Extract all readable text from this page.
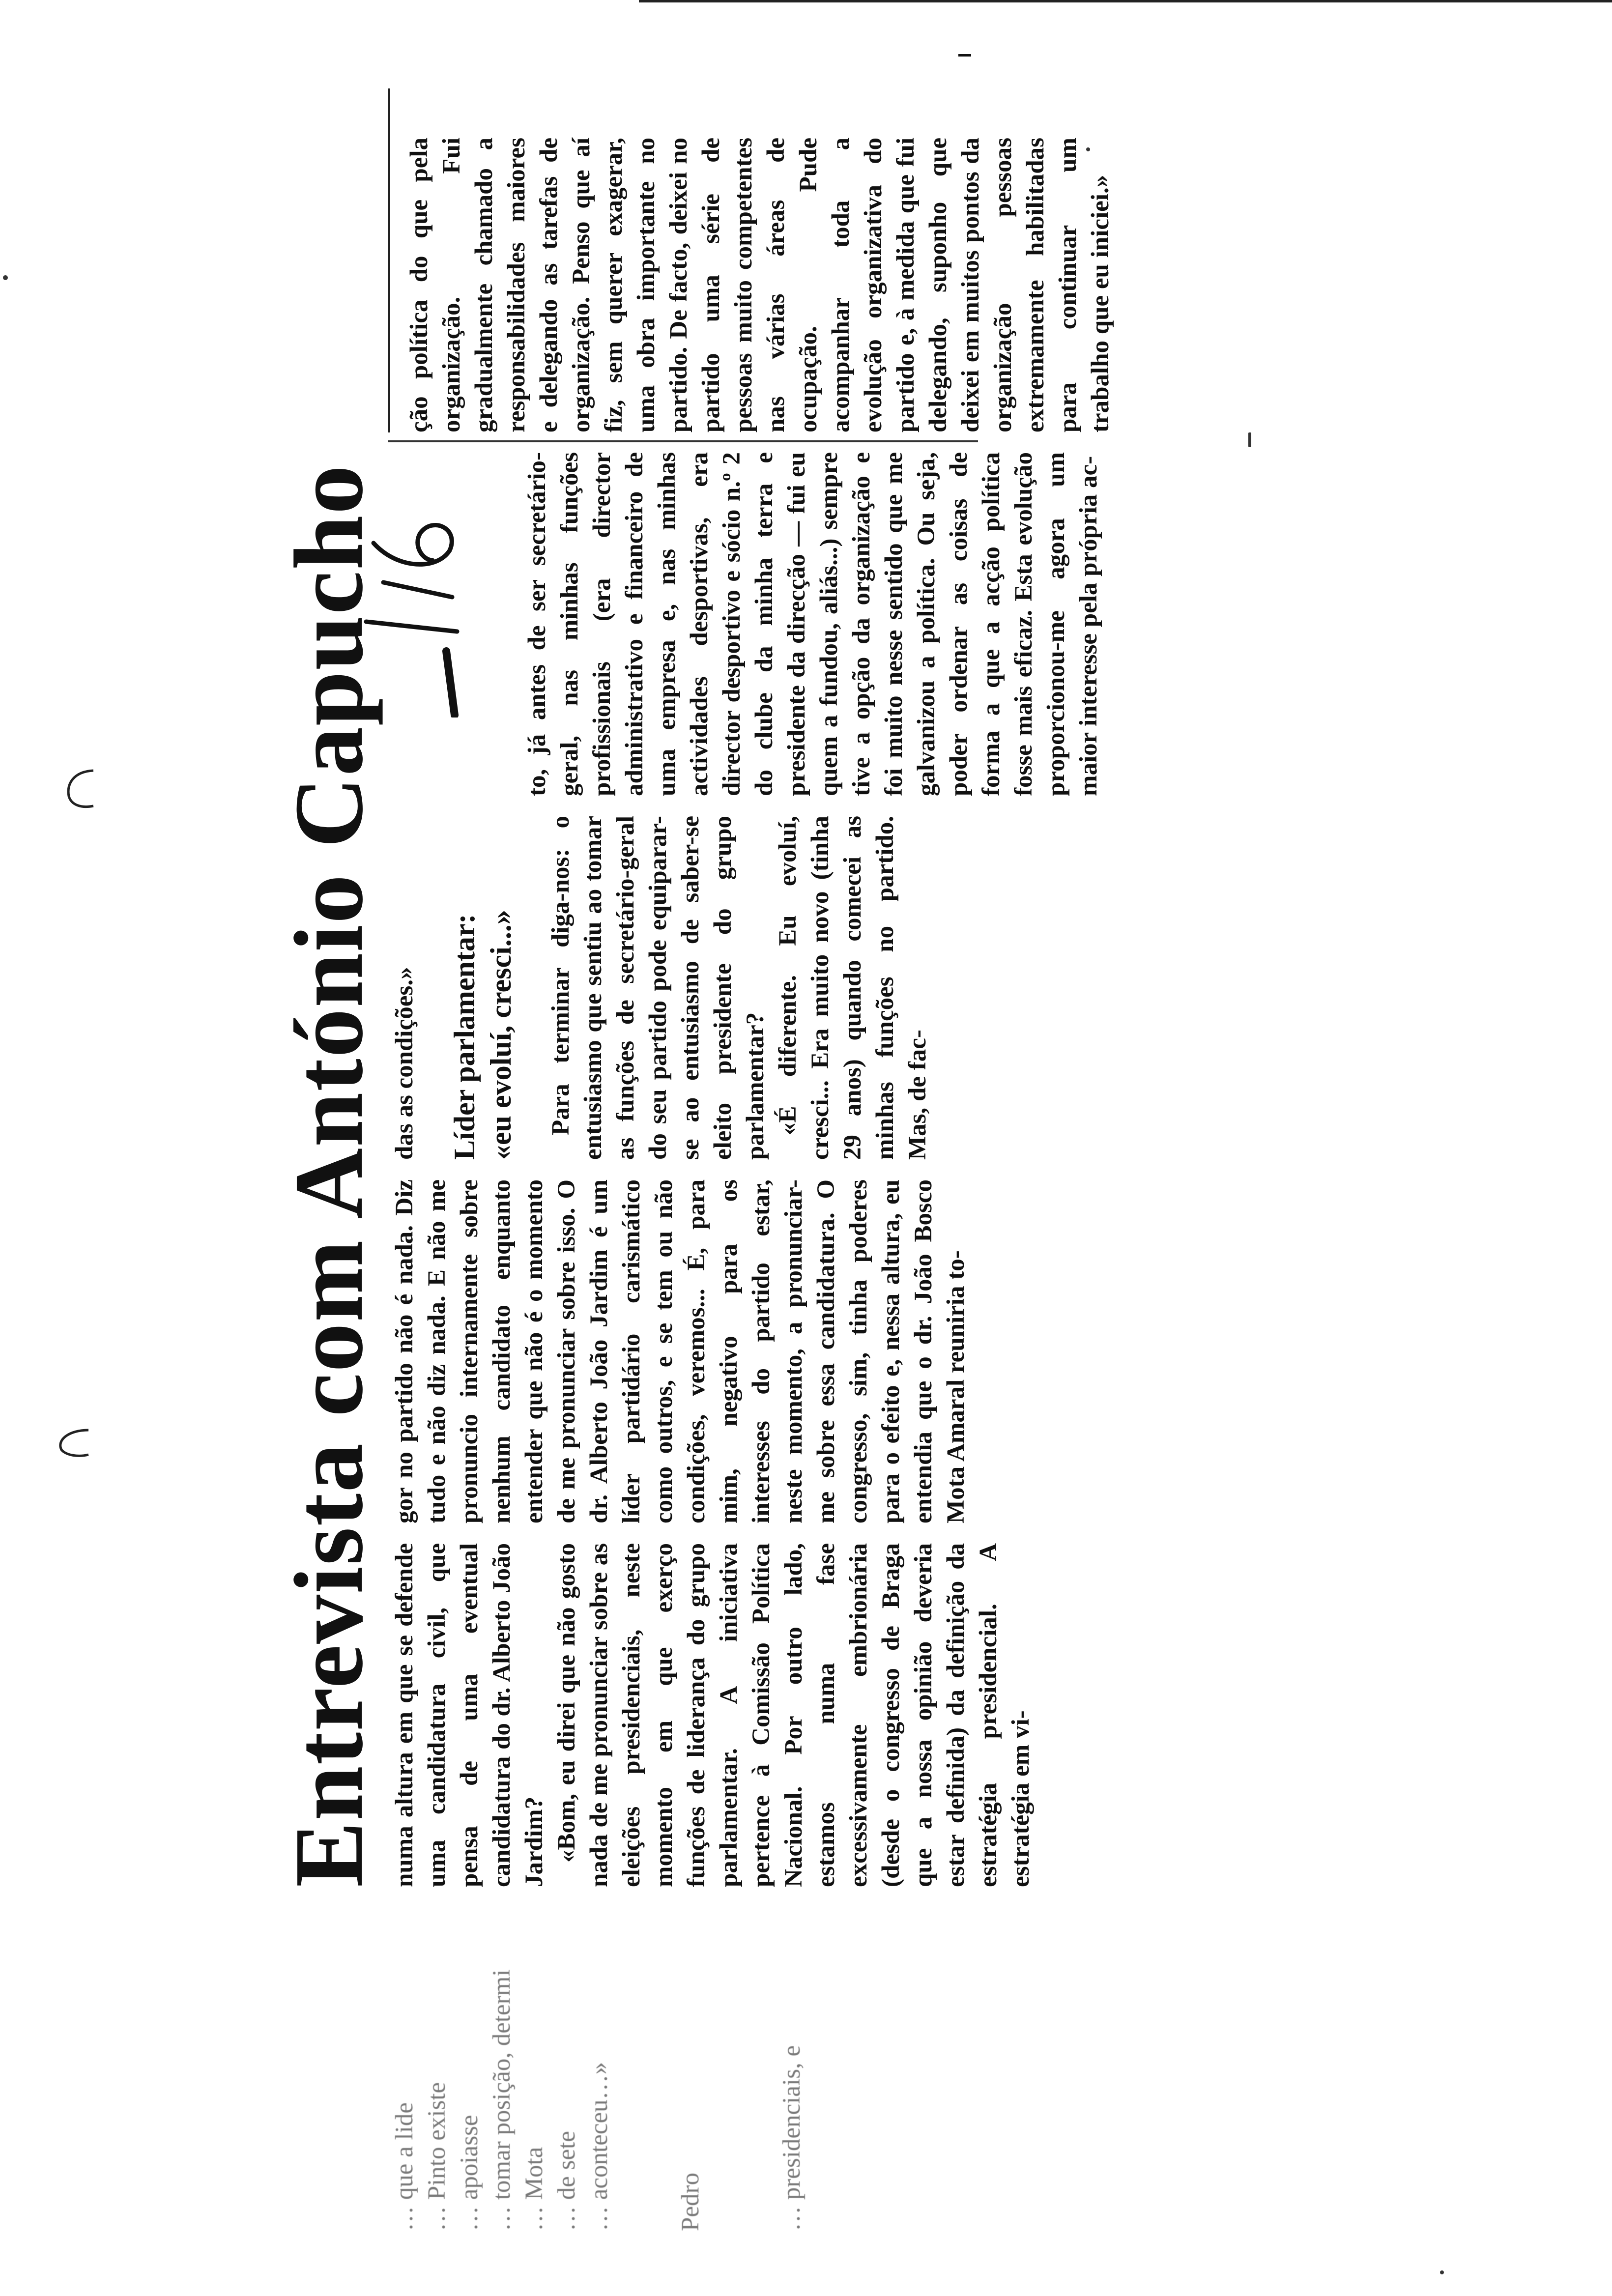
Entrevista com António Capucho

… que a lide … Pinto existe … apoiasse … tomar posição, determi … Mota … de sete … aconteceu…»	Pedro	… presidenciais, e

numa altura em que se defende uma candidatura civil, que pensa de uma eventual candidatura do dr. Alberto João Jardim? «Bom, eu direi que não gosto nada de me pronunciar sobre as eleições presidenciais, neste momento em que exerço funções de liderança do grupo parlamentar. A iniciativa pertence à Comissão Política Nacional. Por outro lado, estamos numa fase excessivamente embrionária (desde o congresso de Braga que a nossa opinião deveria estar definida) da definição da estratégia presidencial. A estratégia em vi-

gor no partido não é nada. Diz tudo e não diz nada. E não me pronuncio internamente sobre nenhum candidato enquanto entender que não é o momento de me pronunciar sobre isso. O dr. Alberto João Jardim é um líder partidário carismático como outros, e se tem ou não condições, veremos... É, para mim, negativo para os interesses do partido estar, neste momento, a pronunciar-me sobre essa candidatura. O congresso, sim, tinha poderes para o efeito e, nessa altura, eu entendia que o dr. João Bosco Mota Amaral reuniria to-

das as condições.» Líder parlamentar: «eu evoluí, cresci...» Para terminar diga-nos: o entusiasmo que sentiu ao tomar as funções de secretário-geral do seu partido pode equiparar-se ao entusiasmo de saber-se eleito presidente do grupo parlamentar? «É diferente. Eu evoluí, cresci... Era muito novo (tinha 29 anos) quando comecei as minhas funções no partido. Mas, de fac-

to, já antes de ser secretário-geral, nas minhas funções profissionais (era director administrativo e financeiro de uma empresa e, nas minhas actividades desportivas, era director desportivo e sócio n.º 2 do clube da minha terra e presidente da direcção — fui eu quem a fundou, aliás...) sempre tive a opção da organização e foi muito nesse sentido que me galvanizou a política. Ou seja, poder ordenar as coisas de forma a que a acção política fosse mais eficaz. Esta evolução proporcionou-me agora um maior interesse pela própria ac-

ção política do que pela organização. Fui gradualmente chamado a responsabilidades maiores e delegando as tarefas de organização. Penso que aí fiz, sem querer exagerar, uma obra importante no partido. De facto, deixei no partido uma série de pessoas muito competentes nas várias áreas de ocupação. Pude acompanhar toda a evolução organizativa do partido e, à medida que fui delegando, suponho que deixei em muitos pontos da organização pessoas extremamente habilitadas para continuar um trabalho que eu iniciei.»
